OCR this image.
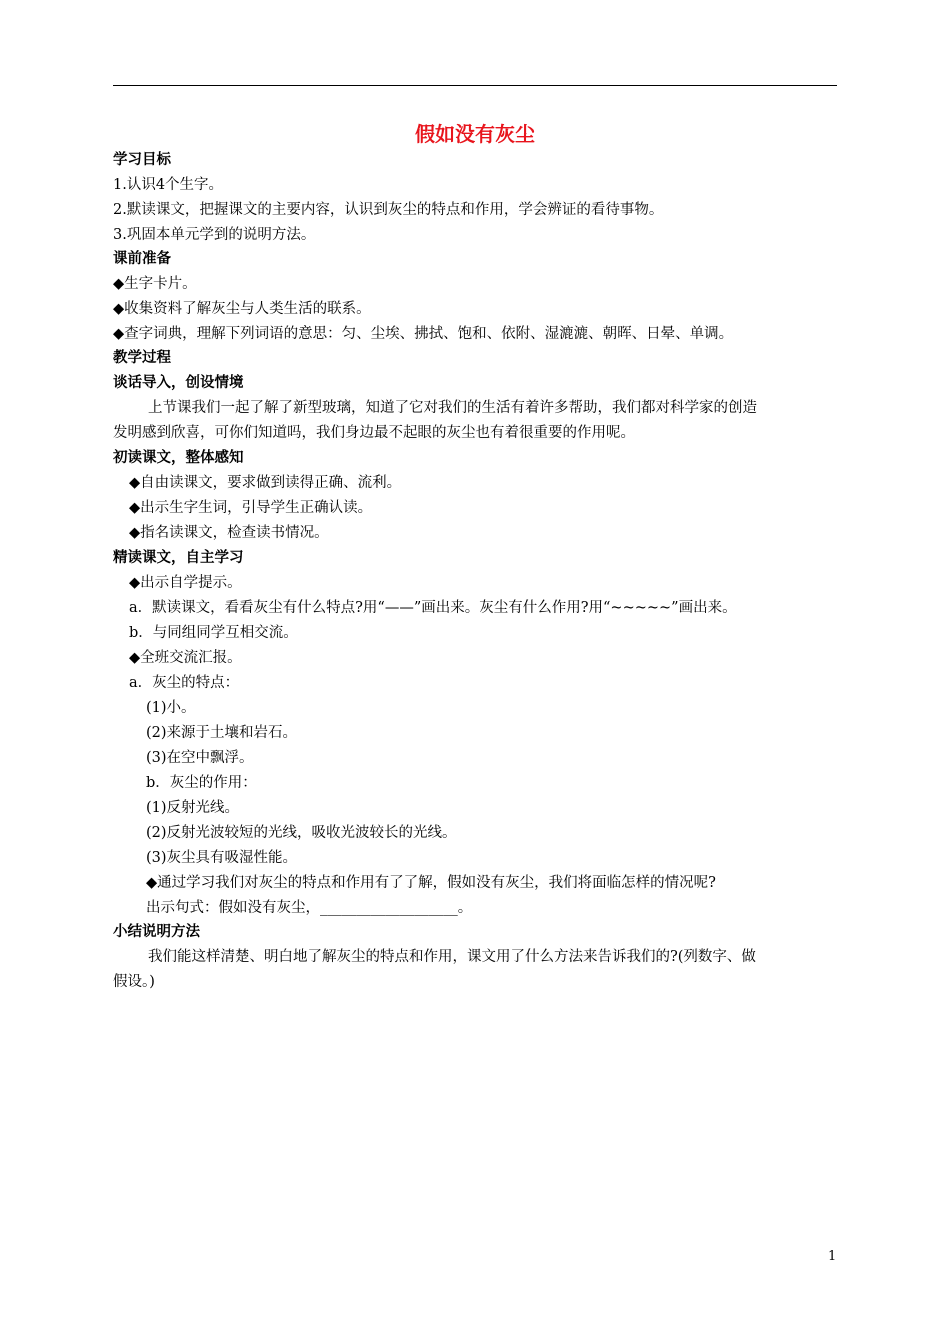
假如没有灰尘
学习目标
1.认识4个生字。
2.默读课文，把握课文的主要内容，认识到灰尘的特点和作用，学会辨证的看待事物。
3.巩固本单元学到的说明方法。
课前准备
◆生字卡片。
◆收集资料了解灰尘与人类生活的联系。
◆查字词典，理解下列词语的意思：匀、尘埃、拂拭、饱和、依附、湿漉漉、朝晖、日晕、单调。
教学过程
谈话导入，创设情境
上节课我们一起了解了新型玻璃，知道了它对我们的生活有着许多帮助，我们都对科学家的创造
发明感到欣喜，可你们知道吗，我们身边最不起眼的灰尘也有着很重要的作用呢。
初读课文，整体感知
◆自由读课文，要求做到读得正确、流利。
◆出示生字生词，引导学生正确认读。
◆指名读课文，检查读书情况。
精读课文，自主学习
◆出示自学提示。
a．默读课文，看看灰尘有什么特点?用“——”画出来。灰尘有什么作用?用“~~~~~”画出来。
b．与同组同学互相交流。
◆全班交流汇报。
a．灰尘的特点：
(1)小。
(2)来源于土壤和岩石。
(3)在空中飘浮。
b．灰尘的作用：
(1)反射光线。
(2)反射光波较短的光线，吸收光波较长的光线。
(3)灰尘具有吸湿性能。
◆通过学习我们对灰尘的特点和作用有了了解，假如没有灰尘，我们将面临怎样的情况呢?
出示句式：假如没有灰尘，___________________。
小结说明方法
我们能这样清楚、明白地了解灰尘的特点和作用，课文用了什么方法来告诉我们的?(列数字、做
假设。)
1
